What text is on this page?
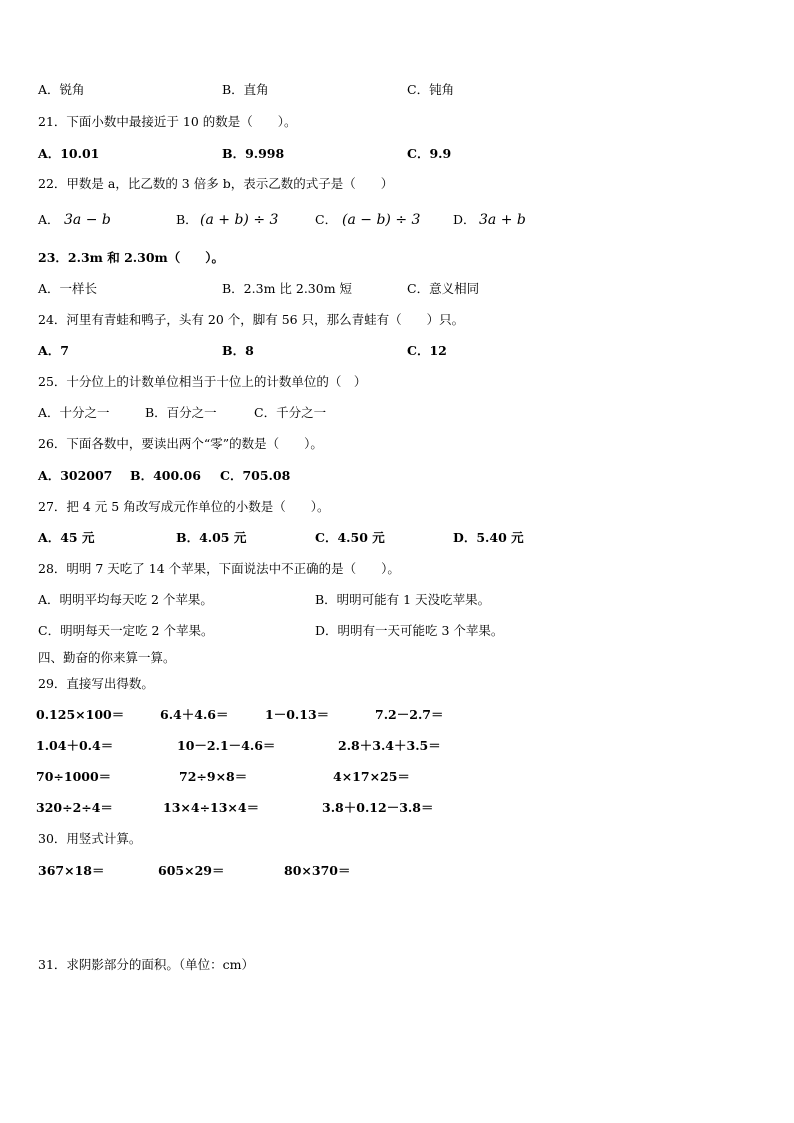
A．锐角	B．直角	C．钝角
21．下面小数中最接近于 10 的数是（　　）。
A．10.01	B．9.998	C．9.9
22．甲数是 a，比乙数的 3 倍多 b，表示乙数的式子是（　　）
A． 3a − b	B． (a + b) ÷ 3	C． (a − b) ÷ 3	D． 3a + b
23．2.3m 和 2.30m（　　）。
A．一样长	B．2.3m 比 2.30m 短	C．意义相同
24．河里有青蛙和鸭子，头有 20 个，脚有 56 只，那么青蛙有（　　）只。
A．7	B．8	C．12
25．十分位上的计数单位相当于十位上的计数单位的（　）
A．十分之一	B．百分之一	C．千分之一
26．下面各数中，要读出两个“零”的数是（　　）。
A．302007 B．400.06 C．705.08
27．把 4 元 5 角改写成元作单位的小数是（　　）。
A．45 元	B．4.05 元	C．4.50 元	D．5.40 元
28．明明 7 天吃了 14 个苹果，下面说法中不正确的是（　　）。
A．明明平均每天吃 2 个苹果。	B．明明可能有 1 天没吃苹果。
C．明明每天一定吃 2 个苹果。	D．明明有一天可能吃 3 个苹果。
四、勤奋的你来算一算。
29．直接写出得数。
0.125×100＝	6.4＋4.6＝	1－0.13＝	7.2－2.7＝
1.04＋0.4＝	10－2.1－4.6＝	2.8＋3.4＋3.5＝
70÷1000＝	72÷9×8＝	4×17×25＝
320÷2÷4＝	13×4÷13×4＝	3.8＋0.12－3.8＝
30．用竖式计算。
367×18＝	605×29＝	80×370＝
31．求阴影部分的面积。（单位：cm）
